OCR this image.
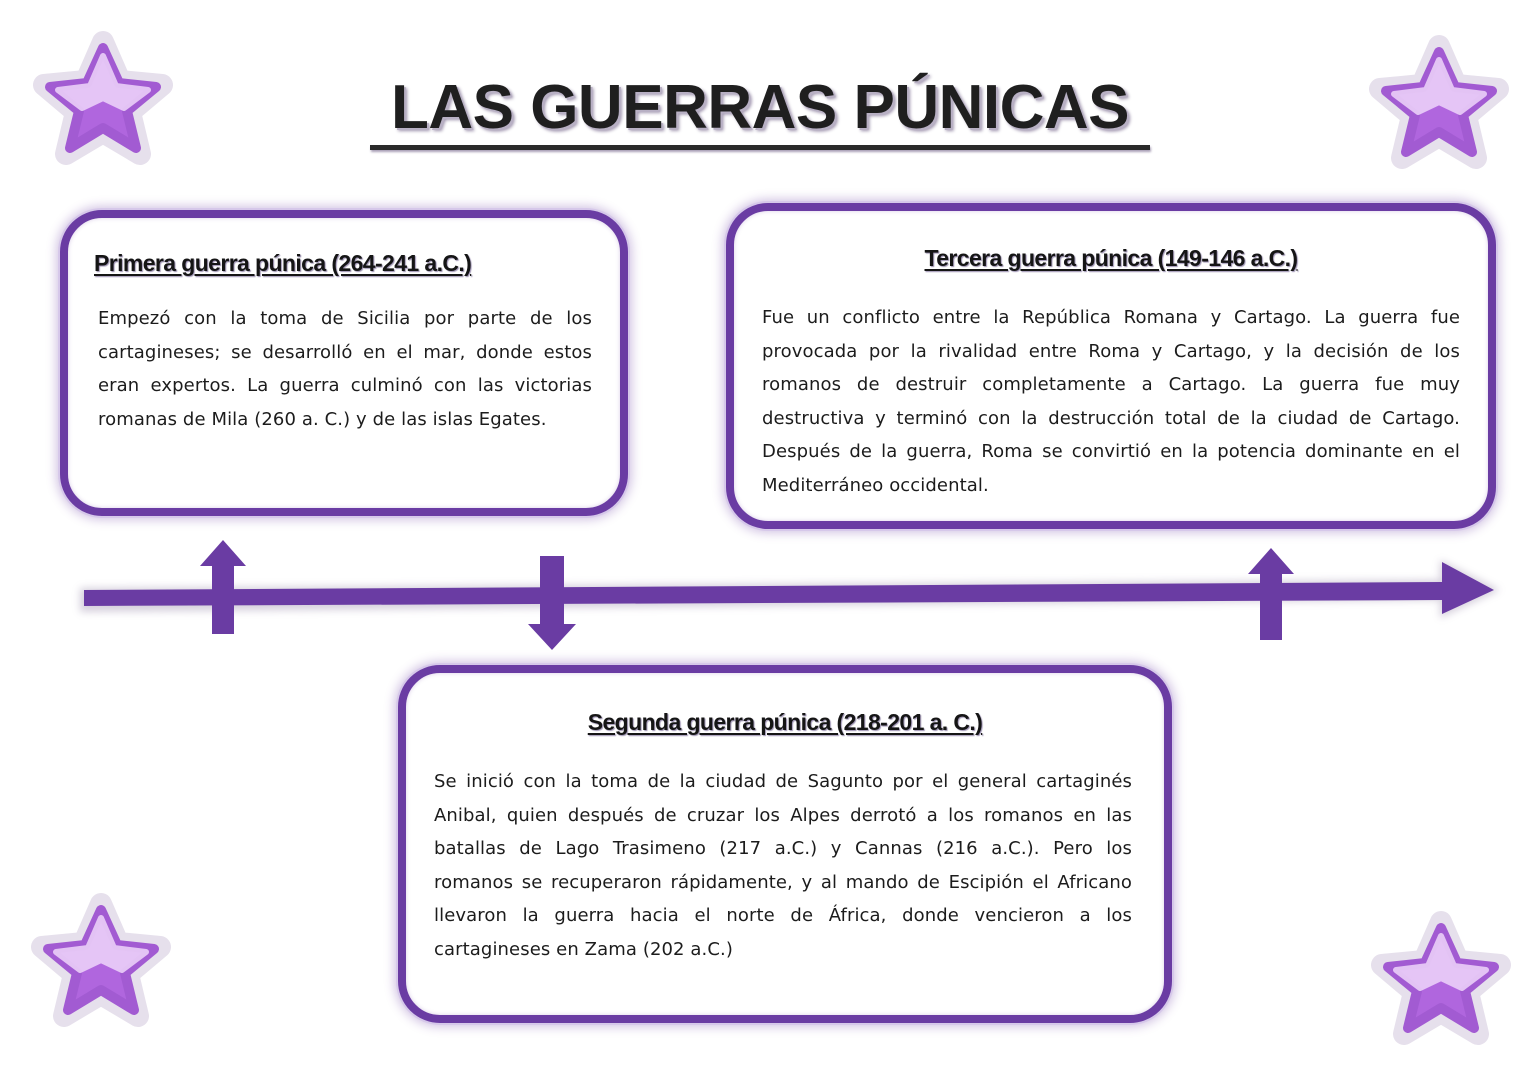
LAS GUERRAS PÚNICAS
Primera guerra púnica (264-241 a.C.)

Empezó con la toma de Sicilia por parte de los cartagineses; se desarrolló en el mar, donde estos eran expertos. La guerra culminó con las victorias romanas de Mila (260 a. C.) y de las islas Egates.

Tercera guerra púnica (149-146 a.C.)

Fue un conflicto entre la República Romana y Cartago. La guerra fue provocada por la rivalidad entre Roma y Cartago, y la decisión de los romanos de destruir completamente a Cartago. La guerra fue muy destructiva y terminó con la destrucción total de la ciudad de Cartago. Después de la guerra, Roma se convirtió en la potencia dominante en el Mediterráneo occidental.

Segunda guerra púnica (218-201 a. C.)

Se inició con la toma de la ciudad de Sagunto por el general cartaginés Anibal, quien después de cruzar los Alpes derrotó a los romanos en las batallas de Lago Trasimeno (217 a.C.) y Cannas (216 a.C.). Pero los romanos se recuperaron rápidamente, y al mando de Escipión el Africano llevaron la guerra hacia el norte de África, donde vencieron a los cartagineses en Zama (202 a.C.)
